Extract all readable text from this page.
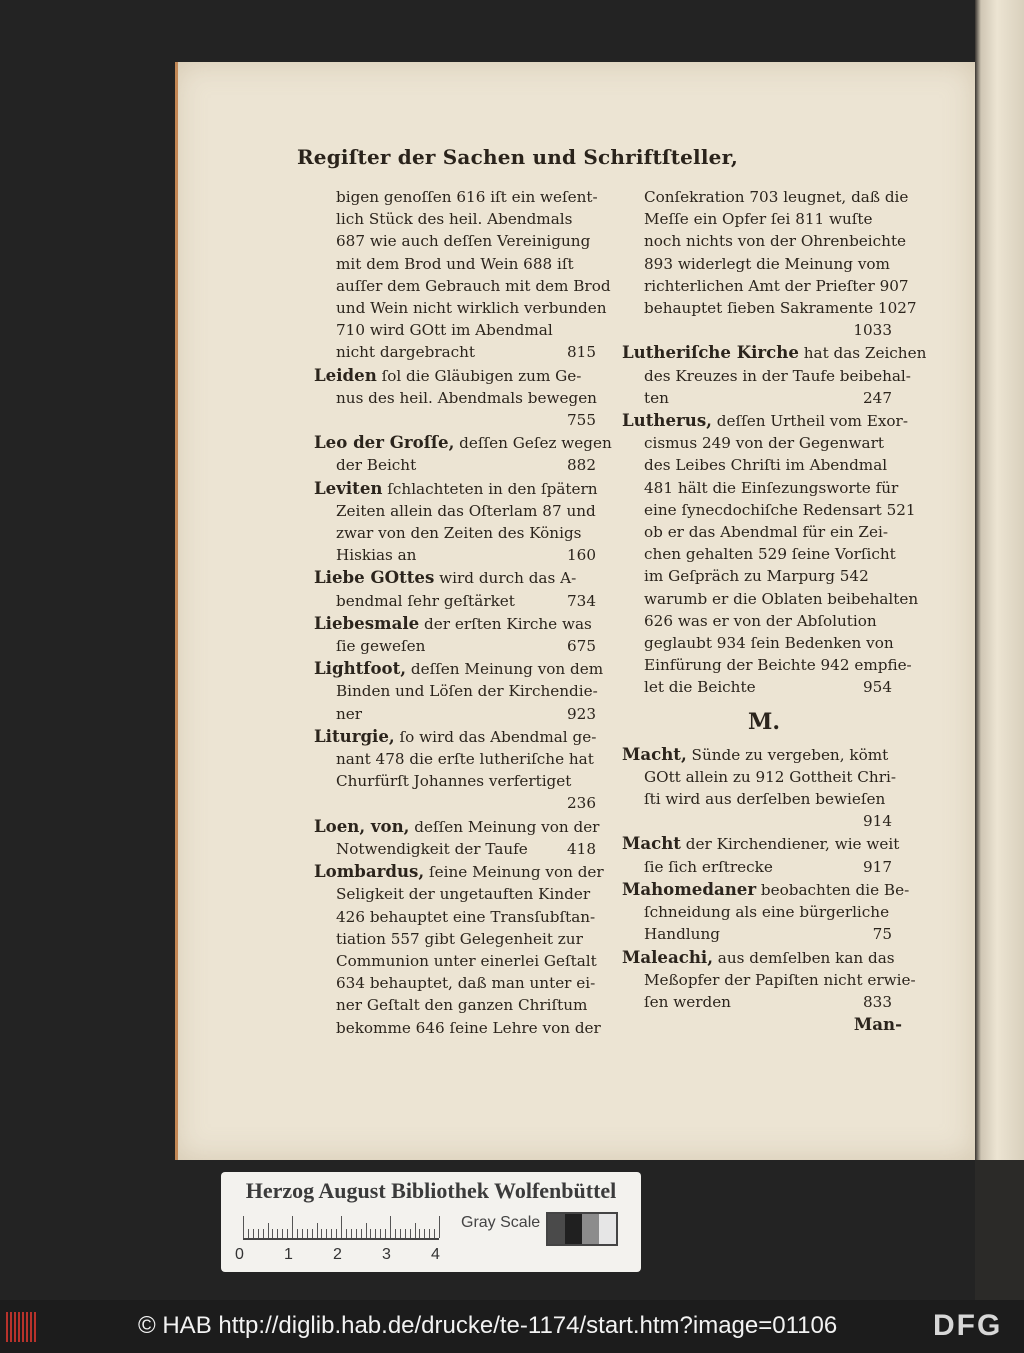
Regiſter der Sachen und Schriftſteller,
bigen genoſſen 616 iſt ein weſent-
lich Stück des heil. Abendmals
687 wie auch deſſen Vereinigung
mit dem Brod und Wein 688 iſt
auſſer dem Gebrauch mit dem Brod
und Wein nicht wirklich verbunden
710 wird GOtt im Abendmal
nicht dargebracht	815
Leiden ſol die Gläubigen zum Ge-
nus des heil. Abendmals bewegen
755
Leo der Groſſe, deſſen Geſez wegen
der Beicht	882
Leviten ſchlachteten in den ſpätern
Zeiten allein das Oſterlam 87 und
zwar von den Zeiten des Königs
Hiskias an	160
Liebe GOttes wird durch das A-
bendmal ſehr geſtärket	734
Liebesmale der erſten Kirche was
ſie geweſen	675
Lightfoot, deſſen Meinung von dem
Binden und Löſen der Kirchendie-
ner	923
Liturgie, ſo wird das Abendmal ge-
nant 478 die erſte lutheriſche hat
Churfürſt Johannes verfertiget
236
Loen, von, deſſen Meinung von der
Notwendigkeit der Taufe	418
Lombardus, ſeine Meinung von der
Seligkeit der ungetauften Kinder
426 behauptet eine Transſubſtan-
tiation 557 gibt Gelegenheit zur
Communion unter einerlei Geſtalt
634 behauptet, daß man unter ei-
ner Geſtalt den ganzen Chriſtum
bekomme 646 ſeine Lehre von der
Conſekration 703 leugnet, daß die
Meſſe ein Opfer ſei 811 wuſte
noch nichts von der Ohrenbeichte
893 widerlegt die Meinung vom
richterlichen Amt der Prieſter 907
behauptet ſieben Sakramente 1027
1033
Lutheriſche Kirche hat das Zeichen
des Kreuzes in der Taufe beibehal-
ten	247
Lutherus, deſſen Urtheil vom Exor-
cismus 249 von der Gegenwart
des Leibes Chriſti im Abendmal
481 hält die Einſezungsworte für
eine ſynecdochiſche Redensart 521
ob er das Abendmal für ein Zei-
chen gehalten 529 ſeine Vorſicht
im Geſpräch zu Marpurg 542
warumb er die Oblaten beibehalten
626 was er von der Abſolution
geglaubt 934 ſein Bedenken von
Einfürung der Beichte 942 empfie-
let die Beichte	954
M.
Macht, Sünde zu vergeben, kömt
GOtt allein zu 912 Gottheit Chri-
ſti wird aus derſelben bewieſen
914
Macht der Kirchendiener, wie weit
ſie ſich erſtrecke	917
Mahomedaner beobachten die Be-
ſchneidung als eine bürgerliche
Handlung	75
Maleachi, aus demſelben kan das
Meßopfer der Papiſten nicht erwie-
ſen werden	833
Man-
Herzog August Bibliothek Wolfenbüttel
0	1	2	3	4
Gray Scale
© HAB http://diglib.hab.de/drucke/te-1174/start.htm?image=01106	DFG
